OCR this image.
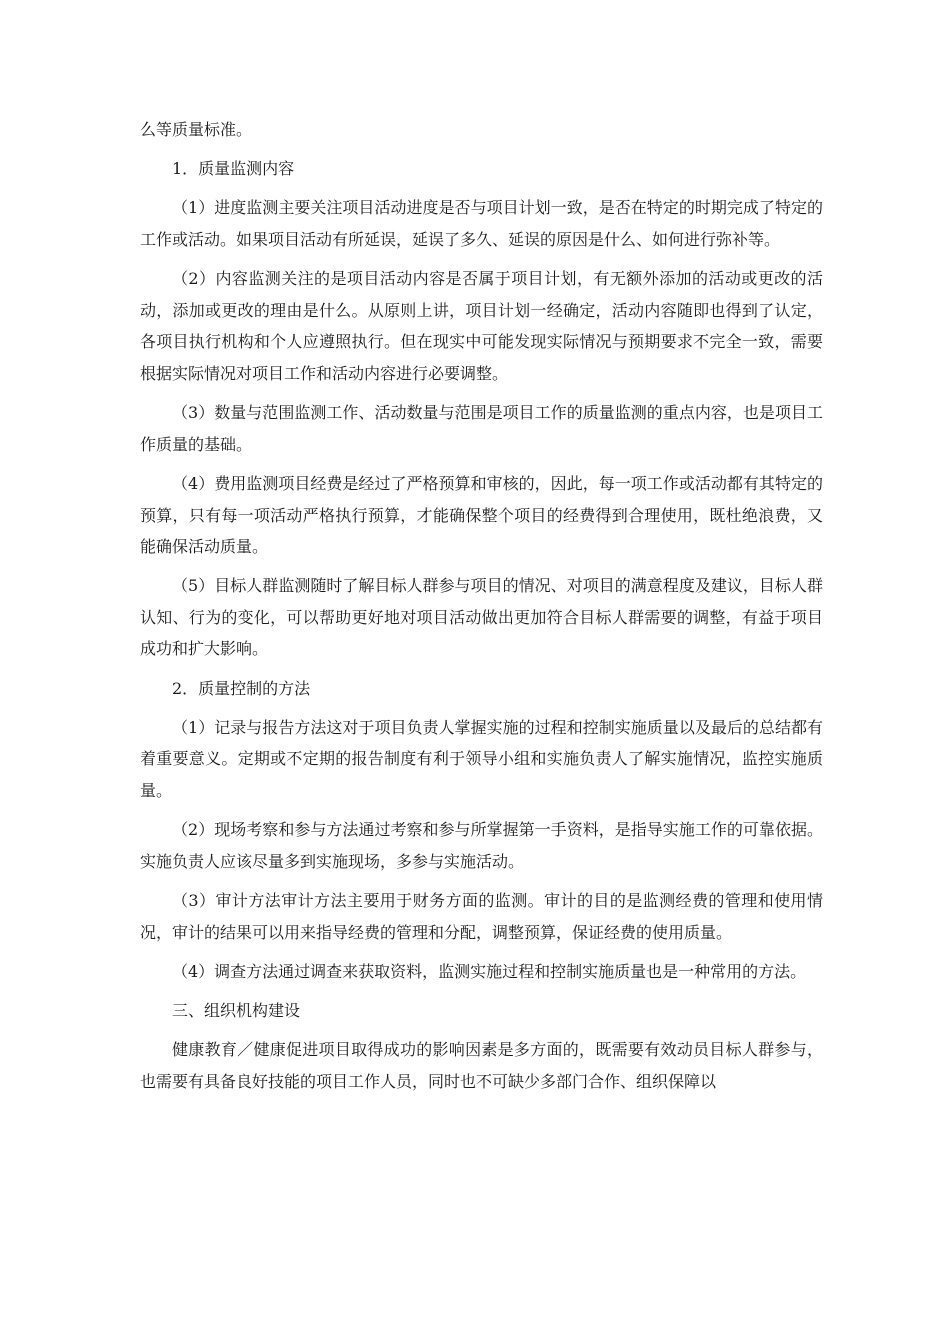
么等质量标准。

1．质量监测内容

（1）进度监测主要关注项目活动进度是否与项目计划一致，是否在特定的时期完成了特定的工作或活动。如果项目活动有所延误，延误了多久、延误的原因是什么、如何进行弥补等。

（2）内容监测关注的是项目活动内容是否属于项目计划，有无额外添加的活动或更改的活动，添加或更改的理由是什么。从原则上讲，项目计划一经确定，活动内容随即也得到了认定，各项目执行机构和个人应遵照执行。但在现实中可能发现实际情况与预期要求不完全一致，需要根据实际情况对项目工作和活动内容进行必要调整。

（3）数量与范围监测工作、活动数量与范围是项目工作的质量监测的重点内容，也是项目工作质量的基础。

（4）费用监测项目经费是经过了严格预算和审核的，因此，每一项工作或活动都有其特定的预算，只有每一项活动严格执行预算，才能确保整个项目的经费得到合理使用，既杜绝浪费，又能确保活动质量。

（5）目标人群监测随时了解目标人群参与项目的情况、对项目的满意程度及建议，目标人群认知、行为的变化，可以帮助更好地对项目活动做出更加符合目标人群需要的调整，有益于项目成功和扩大影响。

2．质量控制的方法

（1）记录与报告方法这对于项目负责人掌握实施的过程和控制实施质量以及最后的总结都有着重要意义。定期或不定期的报告制度有利于领导小组和实施负责人了解实施情况，监控实施质量。

（2）现场考察和参与方法通过考察和参与所掌握第一手资料，是指导实施工作的可靠依据。实施负责人应该尽量多到实施现场，多参与实施活动。

（3）审计方法审计方法主要用于财务方面的监测。审计的目的是监测经费的管理和使用情况，审计的结果可以用来指导经费的管理和分配，调整预算，保证经费的使用质量。

（4）调查方法通过调查来获取资料，监测实施过程和控制实施质量也是一种常用的方法。

三、组织机构建设

健康教育／健康促进项目取得成功的影响因素是多方面的，既需要有效动员目标人群参与，也需要有具备良好技能的项目工作人员，同时也不可缺少多部门合作、组织保障以
